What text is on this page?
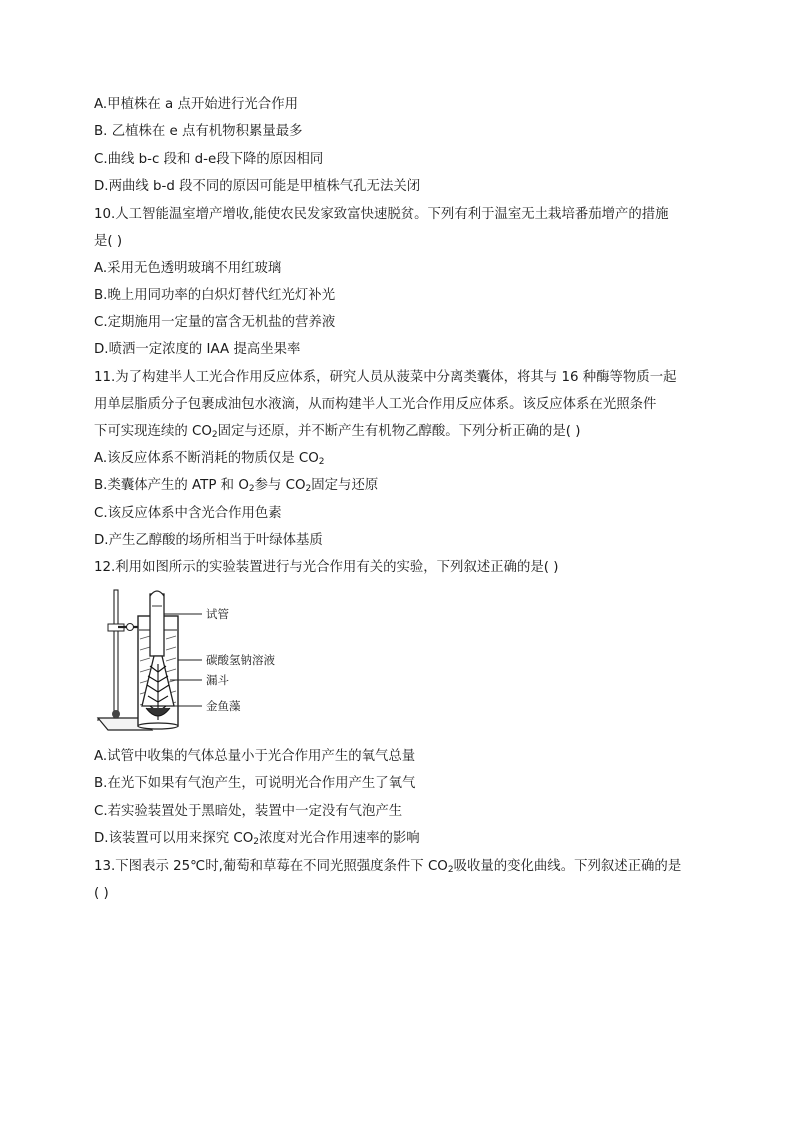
A.甲植株在 a 点开始进行光合作用
B. 乙植株在 e 点有机物积累量最多
C.曲线 b-c 段和 d-e段下降的原因相同
D.两曲线 b-d 段不同的原因可能是甲植株气孔无法关闭
10.人工智能温室增产增收,能使农民发家致富快速脱贫。下列有利于温室无土栽培番茄增产的措施
是( )
A.采用无色透明玻璃不用红玻璃
B.晚上用同功率的白炽灯替代红光灯补光
C.定期施用一定量的富含无机盐的营养液
D.喷洒一定浓度的 IAA 提高坐果率
11.为了构建半人工光合作用反应体系，研究人员从菠菜中分离类囊体，将其与 16 种酶等物质一起
用单层脂质分子包裹成油包水液滴，从而构建半人工光合作用反应体系。该反应体系在光照条件
下可实现连续的 $CO_2$固定与还原，并不断产生有机物乙醇酸。下列分析正确的是( )
A.该反应体系不断消耗的物质仅是 $CO_2$
B.类囊体产生的 ATP 和 $O_2$参与 $CO_2$固定与还原
C.该反应体系中含光合作用色素
D.产生乙醇酸的场所相当于叶绿体基质
12.利用如图所示的实验装置进行与光合作用有关的实验，下列叙述正确的是( )
试管
碳酸氢钠溶液
漏斗
金鱼藻
A.试管中收集的气体总量小于光合作用产生的氧气总量
B.在光下如果有气泡产生，可说明光合作用产生了氧气
C.若实验装置处于黑暗处，装置中一定没有气泡产生
D.该装置可以用来探究 $CO_2$浓度对光合作用速率的影响
13.下图表示 25℃时,葡萄和草莓在不同光照强度条件下 $CO_2$吸收量的变化曲线。下列叙述正确的是
( )
